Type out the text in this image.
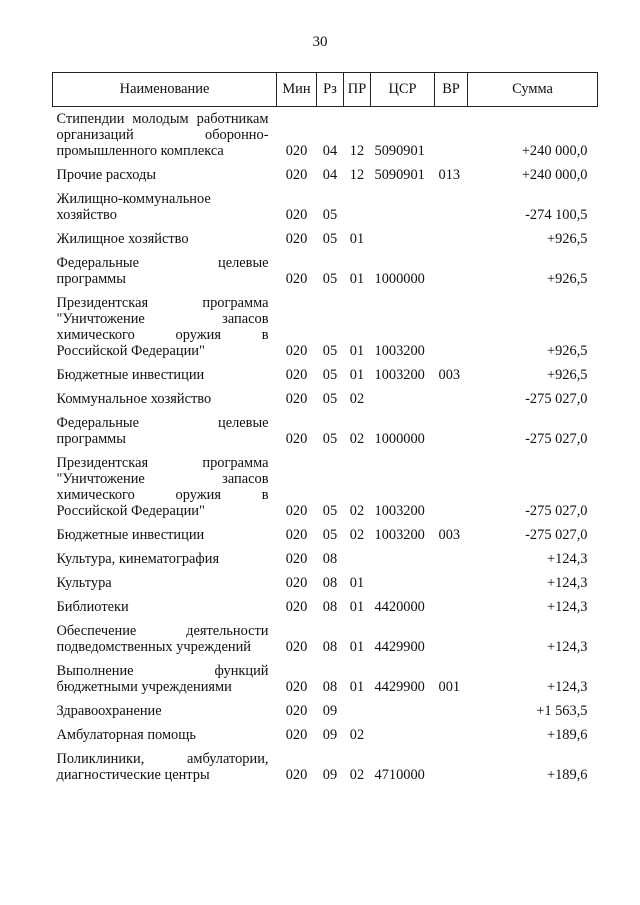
30
Наименование	Мин	Рз	ПР	ЦСР	ВР	Сумма

Стипендии молодым работникам
организаций оборонно-
промышленного комплекса	020	04	12	5090901		+240 000,0

Прочие расходы	020	04	12	5090901	013	+240 000,0

Жилищно-коммунальное
хозяйство	020	05				-274 100,5

Жилищное хозяйство	020	05	01			+926,5

Федеральные целевые
программы	020	05	01	1000000		+926,5

Президентская программа
"Уничтожение запасов
химического оружия в
Российской Федерации"	020	05	01	1003200		+926,5

Бюджетные инвестиции	020	05	01	1003200	003	+926,5

Коммунальное хозяйство	020	05	02			-275 027,0

Федеральные целевые
программы	020	05	02	1000000		-275 027,0

Президентская программа
"Уничтожение запасов
химического оружия в
Российской Федерации"	020	05	02	1003200		-275 027,0

Бюджетные инвестиции	020	05	02	1003200	003	-275 027,0

Культура, кинематография	020	08				+124,3

Культура	020	08	01			+124,3

Библиотеки	020	08	01	4420000		+124,3

Обеспечение деятельности
подведомственных учреждений	020	08	01	4429900		+124,3

Выполнение функций
бюджетными учреждениями	020	08	01	4429900	001	+124,3

Здравоохранение	020	09				+1 563,5

Амбулаторная помощь	020	09	02			+189,6

Поликлиники, амбулатории,
диагностические центры	020	09	02	4710000		+189,6
